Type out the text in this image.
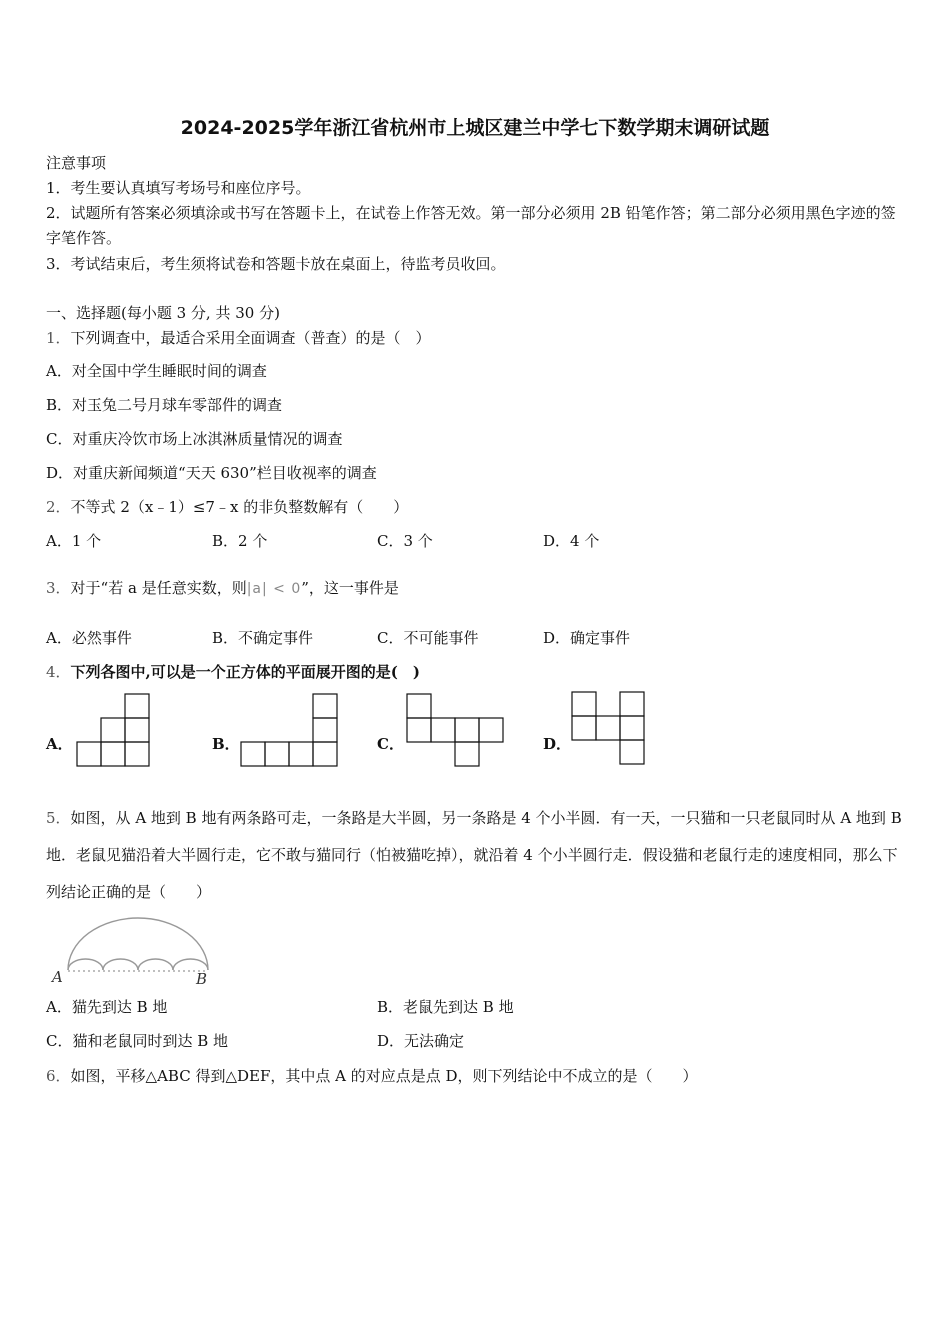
2024-2025学年浙江省杭州市上城区建兰中学七下数学期末调研试题
注意事项
1．考生要认真填写考场号和座位序号。
2．试题所有答案必须填涂或书写在答题卡上，在试卷上作答无效。第一部分必须用 2B 铅笔作答；第二部分必须用黑色字迹的签字笔作答。
3．考试结束后，考生须将试卷和答题卡放在桌面上，待监考员收回。
一、选择题(每小题 3 分, 共 30 分)
1．下列调查中，最适合采用全面调查（普查）的是（　）
A．对全国中学生睡眠时间的调查
B．对玉兔二号月球车零部件的调查
C．对重庆冷饮市场上冰淇淋质量情况的调查
D．对重庆新闻频道“天天 630”栏目收视率的调查
2．不等式 2（x﹣1）≤7﹣x 的非负整数解有（　　）
A．1 个	B．2 个	C．3 个	D．4 个
3．对于“若 a 是任意实数，则|a| < 0”，这一事件是
A．必然事件	B．不确定事件	C．不可能事件	D．确定事件
4．下列各图中,可以是一个正方体的平面展开图的是(　)
A．	B．	C．	D．
5．如图，从 A 地到 B 地有两条路可走，一条路是大半圆，另一条路是 4 个小半圆．有一天，一只猫和一只老鼠同时从 A 地到 B 地．老鼠见猫沿着大半圆行走，它不敢与猫同行（怕被猫吃掉），就沿着 4 个小半圆行走．假设猫和老鼠行走的速度相同，那么下列结论正确的是（　　）
A	B
A．猫先到达 B 地	B．老鼠先到达 B 地
C．猫和老鼠同时到达 B 地	D．无法确定
6．如图，平移△ABC 得到△DEF，其中点 A 的对应点是点 D，则下列结论中不成立的是（　　）
